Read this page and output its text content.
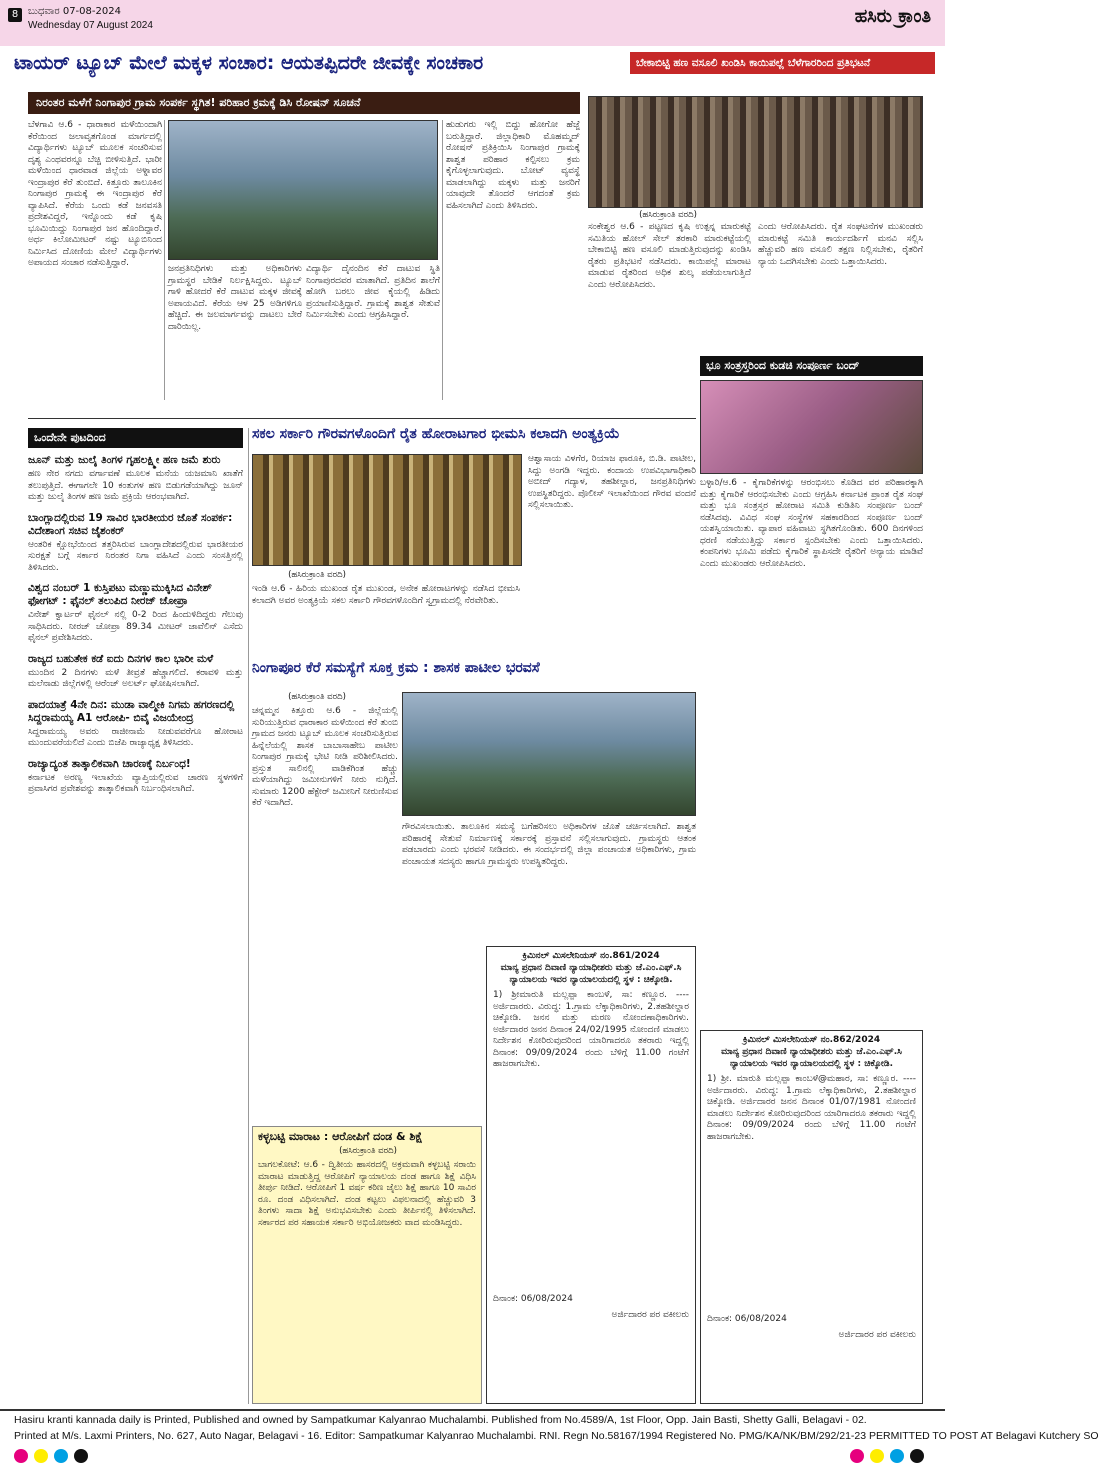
8 ಬುಧವಾರ 07-08-2024
Wednesday 07 August 2024	ಹಸಿರು ಕ್ರಾಂತಿ
ಟಾಯರ್ ಟ್ಯೂಬ್ ಮೇಲೆ ಮಕ್ಕಳ ಸಂಚಾರ: ಆಯತಪ್ಪಿದರೇ ಜೀವಕ್ಕೇ ಸಂಚಕಾರ	ಬೇಕಾಬಿಟ್ಟಿ ಹಣ ವಸೂಲಿ ಖಂಡಿಸಿ ಕಾಯಿಪಲ್ಲೆ ಬೆಳೆಗಾರರಿಂದ ಪ್ರತಿಭಟನೆ
ನಿರಂತರ ಮಳೆಗೆ ನಿಂಗಾಪುರ ಗ್ರಾಮ ಸಂಪರ್ಕ ಸ್ಥಗಿತ! ಪರಿಹಾರ ಕ್ರಮಕ್ಕೆ ಡಿಸಿ ರೋಷನ್ ಸೂಚನೆ
ಬೆಳಗಾವಿ ಆ.6 - ಧಾರಾಕಾರ ಮಳೆಯಿಂದಾಗಿ ಕೆರೆಯಿಂದ ಜಲಾವೃತಗೊಂಡ ಮಾರ್ಗದಲ್ಲಿ ವಿದ್ಯಾರ್ಥಿಗಳು ಟ್ಯೂಬ್ ಮೂಲಕ ಸಂಚರಿಸುವ ದೃಶ್ಯ ಎಂಥವರನ್ನೂ ಬೆಚ್ಚಿ ಬೀಳಿಸುತ್ತಿದೆ. ಭಾರೀ ಮಳೆಯಿಂದ ಧಾರವಾಡ ಜಿಲ್ಲೆಯ ಅಳ್ನಾವರ ಇಂದ್ರಾಪುರ ಕೆರೆ ತುಂಬಿದೆ. ಕಿತ್ತೂರು ತಾಲೂಕಿನ ನಿಂಗಾಪುರ ಗ್ರಾಮಕ್ಕೆ ಈ ಇಂದ್ರಾಪುರ ಕೆರೆ ವ್ಯಾಪಿಸಿದೆ. ಕೆರೆಯ ಒಂದು ಕಡೆ ಜನವಸತಿ ಪ್ರದೇಶವಿದ್ದರೆ, ಇನ್ನೊಂದು ಕಡೆ ಕೃಷಿ ಭೂಮಿಯಿದ್ದು ನಿಂಗಾಪುರ ಜನ ಹೊಂದಿದ್ದಾರೆ. ಅರ್ಧ ಕಿಲೋಮೀಟರ್ ನಷ್ಟು ಟ್ಯೂಬಿನಿಂದ ನಿರ್ಮಿಸಿದ ದೋಣಿಯ ಮೇಲೆ ವಿದ್ಯಾರ್ಥಿಗಳು ಅಪಾಯದ ಸಂಚಾರ ನಡೆಸುತ್ತಿದ್ದಾರೆ.
ಜನಪ್ರತಿನಿಧಿಗಳು ಮತ್ತು ಅಧಿಕಾರಿಗಳು ಗ್ರಾಮಸ್ಥರ ಬೇಡಿಕೆ ನಿರ್ಲಕ್ಷಿಸಿದ್ದರು. ಟ್ಯೂಬ್ ಗಾಳಿ ಹೋದರೆ ಕೆರೆ ದಾಟುವ ಮಕ್ಕಳ ಜೀವಕ್ಕೆ ಅಪಾಯವಿದೆ. ಕೆರೆಯ ಆಳ 25 ಅಡಿಗಳಿಗೂ ಹೆಚ್ಚಿದೆ. ಈ ಜಲಮಾರ್ಗವನ್ನು ದಾಟಲು ಬೇರೆ ದಾರಿಯಿಲ್ಲ.
ವಿದ್ಯಾರ್ಥಿ ದೈನಂದಿನ ಕೆರೆ ದಾಟುವ ಸ್ಥಿತಿ ನಿಂಗಾಪುರದವರ ಮಾತಾಗಿದೆ. ಪ್ರತಿದಿನ ಶಾಲೆಗೆ ಹೋಗಿ ಬರಲು ಜೀವ ಕೈಯಲ್ಲಿ ಹಿಡಿದು ಪ್ರಯಾಣಿಸುತ್ತಿದ್ದಾರೆ. ಗ್ರಾಮಕ್ಕೆ ಶಾಶ್ವತ ಸೇತುವೆ ನಿರ್ಮಿಸಬೇಕು ಎಂದು ಆಗ್ರಹಿಸಿದ್ದಾರೆ.
ಹುಡುಗರು ಇಲ್ಲಿ ಬಿದ್ದು ಹೋಗೋ ಹೆಜ್ಜೆ ಬರುತ್ತಿದ್ದಾರೆ. ಜಿಲ್ಲಾಧಿಕಾರಿ ಮೊಹಮ್ಮದ್ ರೋಷನ್ ಪ್ರತಿಕ್ರಿಯಿಸಿ ನಿಂಗಾಪುರ ಗ್ರಾಮಕ್ಕೆ ಶಾಶ್ವತ ಪರಿಹಾರ ಕಲ್ಪಿಸಲು ಕ್ರಮ ಕೈಗೊಳ್ಳಲಾಗುವುದು. ಬೋಟ್ ವ್ಯವಸ್ಥೆ ಮಾಡಲಾಗಿದ್ದು ಮಕ್ಕಳು ಮತ್ತು ಜನರಿಗೆ ಯಾವುದೇ ತೊಂದರೆ ಆಗದಂತೆ ಕ್ರಮ ವಹಿಸಲಾಗಿದೆ ಎಂದು ತಿಳಿಸಿದರು.
(ಹಸಿರುಕ್ರಾಂತಿ ವರದಿ)
ಸಂಕೇಶ್ವರ ಆ.6 - ಪಟ್ಟಣದ ಕೃಷಿ ಉತ್ಪನ್ನ ಮಾರುಕಟ್ಟೆ ಸಮಿತಿಯ ಹೋಲ್ ಸೇಲ್ ತರಕಾರಿ ಮಾರುಕಟ್ಟೆಯಲ್ಲಿ ಬೇಕಾಬಿಟ್ಟಿ ಹಣ ವಸೂಲಿ ಮಾಡುತ್ತಿರುವುದನ್ನು ಖಂಡಿಸಿ ರೈತರು ಪ್ರತಿಭಟನೆ ನಡೆಸಿದರು. ಕಾಯಿಪಲ್ಲೆ ಮಾರಾಟ ಮಾಡುವ ರೈತರಿಂದ ಅಧಿಕ ಶುಲ್ಕ ಪಡೆಯಲಾಗುತ್ತಿದೆ ಎಂದು ಆರೋಪಿಸಿದರು.
ಎಂದು ಆರೋಪಿಸಿದರು. ರೈತ ಸಂಘಟನೆಗಳ ಮುಖಂಡರು ಮಾರುಕಟ್ಟೆ ಸಮಿತಿ ಕಾರ್ಯದರ್ಶಿಗೆ ಮನವಿ ಸಲ್ಲಿಸಿ ಹೆಚ್ಚುವರಿ ಹಣ ವಸೂಲಿ ತಕ್ಷಣ ನಿಲ್ಲಿಸಬೇಕು, ರೈತರಿಗೆ ನ್ಯಾಯ ಒದಗಿಸಬೇಕು ಎಂದು ಒತ್ತಾಯಿಸಿದರು.
ಭೂ ಸಂತ್ರಸ್ತರಿಂದ ಕುಡಚಿ ಸಂಪೂರ್ಣ ಬಂದ್
ಬಳ್ಳಾರಿ/ಆ.6 - ಕೈಗಾರಿಕೆಗಳನ್ನು ಆರಂಭಿಸಲು ಕೊಡಿದ ವರ ಪರಿಹಾರಕ್ಕಾಗಿ ಮತ್ತು ಕೈಗಾರಿಕೆ ಆರಂಭಿಸಬೇಕು ಎಂದು ಆಗ್ರಹಿಸಿ ಕರ್ನಾಟಕ ಪ್ರಾಂತ ರೈತ ಸಂಘ ಮತ್ತು ಭೂ ಸಂತ್ರಸ್ತರ ಹೋರಾಟ ಸಮಿತಿ ಕುಡಿತಿನಿ ಸಂಪೂರ್ಣ ಬಂದ್ ನಡೆಸಿದವು. ವಿವಿಧ ಸಂಘ ಸಂಸ್ಥೆಗಳ ಸಹಕಾರದಿಂದ ಸಂಪೂರ್ಣ ಬಂದ್ ಯಶಸ್ವಿಯಾಯಿತು. ವ್ಯಾಪಾರ ವಹಿವಾಟು ಸ್ಥಗಿತಗೊಂಡಿತು. 600 ದಿನಗಳಿಂದ ಧರಣಿ ನಡೆಯುತ್ತಿದ್ದು ಸರ್ಕಾರ ಸ್ಪಂದಿಸಬೇಕು ಎಂದು ಒತ್ತಾಯಿಸಿದರು. ಕಂಪನಿಗಳು ಭೂಮಿ ಪಡೆದು ಕೈಗಾರಿಕೆ ಸ್ಥಾಪಿಸದೇ ರೈತರಿಗೆ ಅನ್ಯಾಯ ಮಾಡಿವೆ ಎಂದು ಮುಖಂಡರು ಆರೋಪಿಸಿದರು.
ಒಂದೇನೇ ಪುಟದಿಂದ
ಜೂನ್ ಮತ್ತು ಜುಲೈ ತಿಂಗಳ ಗೃಹಲಕ್ಷ್ಮೀ ಹಣ ಜಮೆ ಶುರು
ಹಣ ನೇರ ನಗದು ವರ್ಗಾವಣೆ ಮೂಲಕ ಮನೆಯ ಯಜಮಾನಿ ಖಾತೆಗೆ ತಲುಪುತ್ತಿದೆ. ಈಗಾಗಲೇ 10 ಕಂತುಗಳ ಹಣ ಬಿಡುಗಡೆಯಾಗಿದ್ದು ಜೂನ್ ಮತ್ತು ಜುಲೈ ತಿಂಗಳ ಹಣ ಜಮೆ ಪ್ರಕ್ರಿಯೆ ಆರಂಭವಾಗಿದೆ.
ಬಾಂಗ್ಲಾದಲ್ಲಿರುವ 19 ಸಾವಿರ ಭಾರತೀಯರ ಜೊತೆ ಸಂಪರ್ಕ: ವಿದೇಶಾಂಗ ಸಚಿವ ಜೈಶಂಕರ್
ಆಂತರಿಕ ಕ್ಷೋಭೆಯಿಂದ ತತ್ತರಿಸಿರುವ ಬಾಂಗ್ಲಾದೇಶದಲ್ಲಿರುವ ಭಾರತೀಯರ ಸುರಕ್ಷತೆ ಬಗ್ಗೆ ಸರ್ಕಾರ ನಿರಂತರ ನಿಗಾ ವಹಿಸಿದೆ ಎಂದು ಸಂಸತ್ತಿನಲ್ಲಿ ತಿಳಿಸಿದರು.
ವಿಶ್ವದ ನಂಬರ್ 1 ಕುಸ್ತಿಪಟು ಮಣ್ಣುಮುಕ್ಕಿಸಿದ ವಿನೇಶ್ ಫೋಗಟ್ : ಫೈನಲ್ ತಲುಪಿದ ನೀರಜ್ ಚೋಪ್ರಾ
ವಿನೇಶ್ ಕ್ವಾರ್ಟರ್ ಫೈನಲ್ ನಲ್ಲಿ 0-2 ರಿಂದ ಹಿಂದುಳಿದಿದ್ದರು ಗೆಲುವು ಸಾಧಿಸಿದರು. ನೀರಜ್ ಚೋಪ್ರಾ 89.34 ಮೀಟರ್ ಜಾವೆಲಿನ್ ಎಸೆದು ಫೈನಲ್ ಪ್ರವೇಶಿಸಿದರು.
ರಾಜ್ಯದ ಬಹುತೇಕ ಕಡೆ ಐದು ದಿನಗಳ ಕಾಲ ಭಾರೀ ಮಳೆ
ಮುಂದಿನ 2 ದಿನಗಳು ಮಳೆ ತೀವ್ರತೆ ಹೆಚ್ಚಾಗಲಿದೆ. ಕರಾವಳಿ ಮತ್ತು ಮಲೆನಾಡು ಜಿಲ್ಲೆಗಳಲ್ಲಿ ಆರೆಂಜ್ ಅಲರ್ಟ್ ಘೋಷಿಸಲಾಗಿದೆ.
ಪಾದಯಾತ್ರೆ 4ನೇ ದಿನ: ಮುಡಾ ವಾಲ್ಮೀಕಿ ನಿಗಮ ಹಗರಣದಲ್ಲಿ ಸಿದ್ದರಾಮಯ್ಯ A1 ಆರೋಪಿ- ಬಿವೈ ವಿಜಯೇಂದ್ರ
ಸಿದ್ದರಾಮಯ್ಯ ಅವರು ರಾಜೀನಾಮೆ ನೀಡುವವರೆಗೂ ಹೋರಾಟ ಮುಂದುವರೆಯಲಿದೆ ಎಂದು ಬಿಜೆಪಿ ರಾಜ್ಯಾಧ್ಯಕ್ಷ ತಿಳಿಸಿದರು.
ರಾಜ್ಯಾದ್ಯಂತ ತಾತ್ಕಾಲಿಕವಾಗಿ ಚಾರಣಕ್ಕೆ ನಿರ್ಬಂಧ!
ಕರ್ನಾಟಕ ಅರಣ್ಯ ಇಲಾಖೆಯ ವ್ಯಾಪ್ತಿಯಲ್ಲಿರುವ ಚಾರಣ ಸ್ಥಳಗಳಿಗೆ ಪ್ರವಾಸಿಗರ ಪ್ರವೇಶವನ್ನು ತಾತ್ಕಾಲಿಕವಾಗಿ ನಿರ್ಬಂಧಿಸಲಾಗಿದೆ.
ಸಕಲ ಸರ್ಕಾರಿ ಗೌರವಗಳೊಂದಿಗೆ ರೈತ ಹೋರಾಟಗಾರ ಭೀಮಸಿ ಕಲಾದಗಿ ಅಂತ್ಯಕ್ರಿಯೆ
(ಹಸಿರುಕ್ರಾಂತಿ ವರದಿ)
ಇಂಡಿ ಆ.6 - ಹಿರಿಯ ಮುಖಂಡ ರೈತ ಮುಖಂಡ, ಅನೇಕ ಹೋರಾಟಗಳನ್ನು ನಡೆಸಿದ ಭೀಮಸಿ ಕಲಾದಗಿ ಅವರ ಅಂತ್ಯಕ್ರಿಯೆ ಸಕಲ ಸರ್ಕಾರಿ ಗೌರವಗಳೊಂದಿಗೆ ಸ್ವಗ್ರಾಮದಲ್ಲಿ ನೆರವೇರಿತು.
ಆಶ್ವಾಸಾಯ ವಿಳಗೆರ, ರಿಯಾಜ ಫಾರೂಕಿ, ಬಿ.ಡಿ. ಪಾಟೀಲ, ಸಿದ್ದು ಅಂಗಡಿ ಇದ್ದರು. ಕಂದಾಯ ಉಪವಿಭಾಗಾಧಿಕಾರಿ ಅಬೀದ್ ಗದ್ಯಾಳ, ತಹಶೀಲ್ದಾರ, ಜನಪ್ರತಿನಿಧಿಗಳು ಉಪಸ್ಥಿತರಿದ್ದರು. ಪೊಲೀಸ್ ಇಲಾಖೆಯಿಂದ ಗೌರವ ವಂದನೆ ಸಲ್ಲಿಸಲಾಯಿತು.
ನಿಂಗಾಪೂರ ಕೆರೆ ಸಮಸ್ಯೆಗೆ ಸೂಕ್ತ ಕ್ರಮ : ಶಾಸಕ ಪಾಟೀಲ ಭರವಸೆ
(ಹಸಿರುಕ್ರಾಂತಿ ವರದಿ)
ಚನ್ನಮ್ಮನ ಕಿತ್ತೂರು ಆ.6 - ಜಿಲ್ಲೆಯಲ್ಲಿ ಸುರಿಯುತ್ತಿರುವ ಧಾರಾಕಾರ ಮಳೆಯಿಂದ ಕೆರೆ ತುಂಬಿ ಗ್ರಾಮದ ಜನರು ಟ್ಯೂಬ್ ಮೂಲಕ ಸಂಚರಿಸುತ್ತಿರುವ ಹಿನ್ನೆಲೆಯಲ್ಲಿ ಶಾಸಕ ಬಾಬಾಸಾಹೇಬ ಪಾಟೀಲ ನಿಂಗಾಪುರ ಗ್ರಾಮಕ್ಕೆ ಭೇಟಿ ನೀಡಿ ಪರಿಶೀಲಿಸಿದರು. ಪ್ರಸ್ತುತ ಸಾಲಿನಲ್ಲಿ ವಾಡಿಕೆಗಿಂತ ಹೆಚ್ಚು ಮಳೆಯಾಗಿದ್ದು ಜಮೀನುಗಳಿಗೆ ನೀರು ನುಗ್ಗಿದೆ. ಸುಮಾರು 1200 ಹೆಕ್ಟೇರ್ ಜಮೀನಿಗೆ ನೀರುಣಿಸುವ ಕೆರೆ ಇದಾಗಿದೆ.
ಗೌರವಿಸಲಾಯಿತು. ತಾಲೂಕಿನ ಸಮಸ್ಯೆ ಬಗೆಹರಿಸಲು ಅಧಿಕಾರಿಗಳ ಜೊತೆ ಚರ್ಚಿಸಲಾಗಿದೆ. ಶಾಶ್ವತ ಪರಿಹಾರಕ್ಕೆ ಸೇತುವೆ ನಿರ್ಮಾಣಕ್ಕೆ ಸರ್ಕಾರಕ್ಕೆ ಪ್ರಸ್ತಾವನೆ ಸಲ್ಲಿಸಲಾಗುವುದು. ಗ್ರಾಮಸ್ಥರು ಆತಂಕ ಪಡಬಾರದು ಎಂದು ಭರವಸೆ ನೀಡಿದರು. ಈ ಸಂದರ್ಭದಲ್ಲಿ ಜಿಲ್ಲಾ ಪಂಚಾಯತ ಅಧಿಕಾರಿಗಳು, ಗ್ರಾಮ ಪಂಚಾಯತ ಸದಸ್ಯರು ಹಾಗೂ ಗ್ರಾಮಸ್ಥರು ಉಪಸ್ಥಿತರಿದ್ದರು.
ಕಳ್ಳಬಟ್ಟಿ ಮಾರಾಟ : ಆರೋಪಿಗೆ ದಂಡ & ಶಿಕ್ಷೆ
(ಹಸಿರುಕ್ರಾಂತಿ ವರದಿ)
ಬಾಗಲಕೋಟೆ: ಆ.6 - ದ್ವಿತೀಯ ಹಾಸರದಲ್ಲಿ ಅಕ್ರಮವಾಗಿ ಕಳ್ಳಬಟ್ಟಿ ಸರಾಯಿ ಮಾರಾಟ ಮಾಡುತ್ತಿದ್ದ ಆರೋಪಿಗೆ ನ್ಯಾಯಾಲಯ ದಂಡ ಹಾಗೂ ಶಿಕ್ಷೆ ವಿಧಿಸಿ ತೀರ್ಪು ನೀಡಿದೆ. ಆರೋಪಿಗೆ 1 ವರ್ಷ ಕಠಿಣ ಜೈಲು ಶಿಕ್ಷೆ ಹಾಗೂ 10 ಸಾವಿರ ರೂ. ದಂಡ ವಿಧಿಸಲಾಗಿದೆ. ದಂಡ ಕಟ್ಟಲು ವಿಫಲನಾದಲ್ಲಿ ಹೆಚ್ಚುವರಿ 3 ತಿಂಗಳು ಸಾದಾ ಶಿಕ್ಷೆ ಅನುಭವಿಸಬೇಕು ಎಂದು ತೀರ್ಪಿನಲ್ಲಿ ತಿಳಿಸಲಾಗಿದೆ. ಸರ್ಕಾರದ ಪರ ಸಹಾಯಕ ಸರ್ಕಾರಿ ಅಭಿಯೋಜಕರು ವಾದ ಮಂಡಿಸಿದ್ದರು.
ಕ್ರಿಮಿನಲ್ ಮಿಸಲೇನಿಯಸ್ ನಂ.861/2024
ಮಾನ್ಯ ಪ್ರಧಾನ ದಿವಾಣಿ ನ್ಯಾಯಾಧೀಶರು ಮತ್ತು ಜೆ.ಎಂ.ಎಫ್.ಸಿ ನ್ಯಾಯಾಲಯ ಇವರ ನ್ಯಾಯಾಲಯದಲ್ಲಿ ಸ್ಥಳ : ಚಿಕ್ಕೋಡಿ.
1) ಶ್ರೀಮಾರುತಿ ಮಲ್ಲಪ್ಪಾ ಕಾಂಬಳೆ, ಸಾ: ಕಣ್ಣೂರ. ---- ಅರ್ಜಿದಾರರು. ವಿರುದ್ಧ: 1.ಗ್ರಾಮ ಲೆಕ್ಕಾಧಿಕಾರಿಗಳು, 2.ತಹಶೀಲ್ದಾರ ಚಿಕ್ಕೋಡಿ. ಜನನ ಮತ್ತು ಮರಣ ನೋಂದಣಾಧಿಕಾರಿಗಳು. ಅರ್ಜಿದಾರರ ಜನನ ದಿನಾಂಕ 24/02/1995 ನೋಂದಣಿ ಮಾಡಲು ನಿರ್ದೇಶನ ಕೋರಿರುವುದರಿಂದ ಯಾರಿಗಾದರೂ ತಕರಾರು ಇದ್ದಲ್ಲಿ ದಿನಾಂಕ: 09/09/2024 ರಂದು ಬೆಳಿಗ್ಗೆ 11.00 ಗಂಟೆಗೆ ಹಾಜರಾಗಬೇಕು.
ದಿನಾಂಕ: 06/08/2024
ಅರ್ಜಿದಾರರ ಪರ ವಕೀಲರು
ಕ್ರಿಮಿನಲ್ ಮಿಸಲೇನಿಯಸ್ ನಂ.862/2024
ಮಾನ್ಯ ಪ್ರಧಾನ ದಿವಾಣಿ ನ್ಯಾಯಾಧೀಶರು ಮತ್ತು ಜೆ.ಎಂ.ಎಫ್.ಸಿ ನ್ಯಾಯಾಲಯ ಇವರ ನ್ಯಾಯಾಲಯದಲ್ಲಿ ಸ್ಥಳ : ಚಿಕ್ಕೋಡಿ.
1) ಶ್ರೀ. ಮಾರುತಿ ಮಲ್ಲಪ್ಪಾ ಕಾಂಬಳೆ@ಮಹಾರ, ಸಾ: ಕಣ್ಣೂರ. ---- ಅರ್ಜಿದಾರರು. ವಿರುದ್ಧ: 1.ಗ್ರಾಮ ಲೆಕ್ಕಾಧಿಕಾರಿಗಳು, 2.ತಹಶೀಲ್ದಾರ ಚಿಕ್ಕೋಡಿ. ಅರ್ಜಿದಾರರ ಜನನ ದಿನಾಂಕ 01/07/1981 ನೋಂದಣಿ ಮಾಡಲು ನಿರ್ದೇಶನ ಕೋರಿರುವುದರಿಂದ ಯಾರಿಗಾದರೂ ತಕರಾರು ಇದ್ದಲ್ಲಿ ದಿನಾಂಕ: 09/09/2024 ರಂದು ಬೆಳಿಗ್ಗೆ 11.00 ಗಂಟೆಗೆ ಹಾಜರಾಗಬೇಕು.
ದಿನಾಂಕ: 06/08/2024
ಅರ್ಜಿದಾರರ ಪರ ವಕೀಲರು
Hasiru kranti kannada daily is Printed, Published and owned by Sampatkumar Kalyanrao Muchalambi. Published from No.4589/A, 1st Floor, Opp. Jain Basti, Shetty Galli, Belagavi - 02.
Printed at M/s. Laxmi Printers, No. 627, Auto Nagar, Belagavi - 16. Editor: Sampatkumar Kalyanrao Muchalambi. RNI. Regn No.58167/1994 Registered No. PMG/KA/NK/BM/292/21-23 PERMITTED TO POST AT Belagavi Kutchery SO
